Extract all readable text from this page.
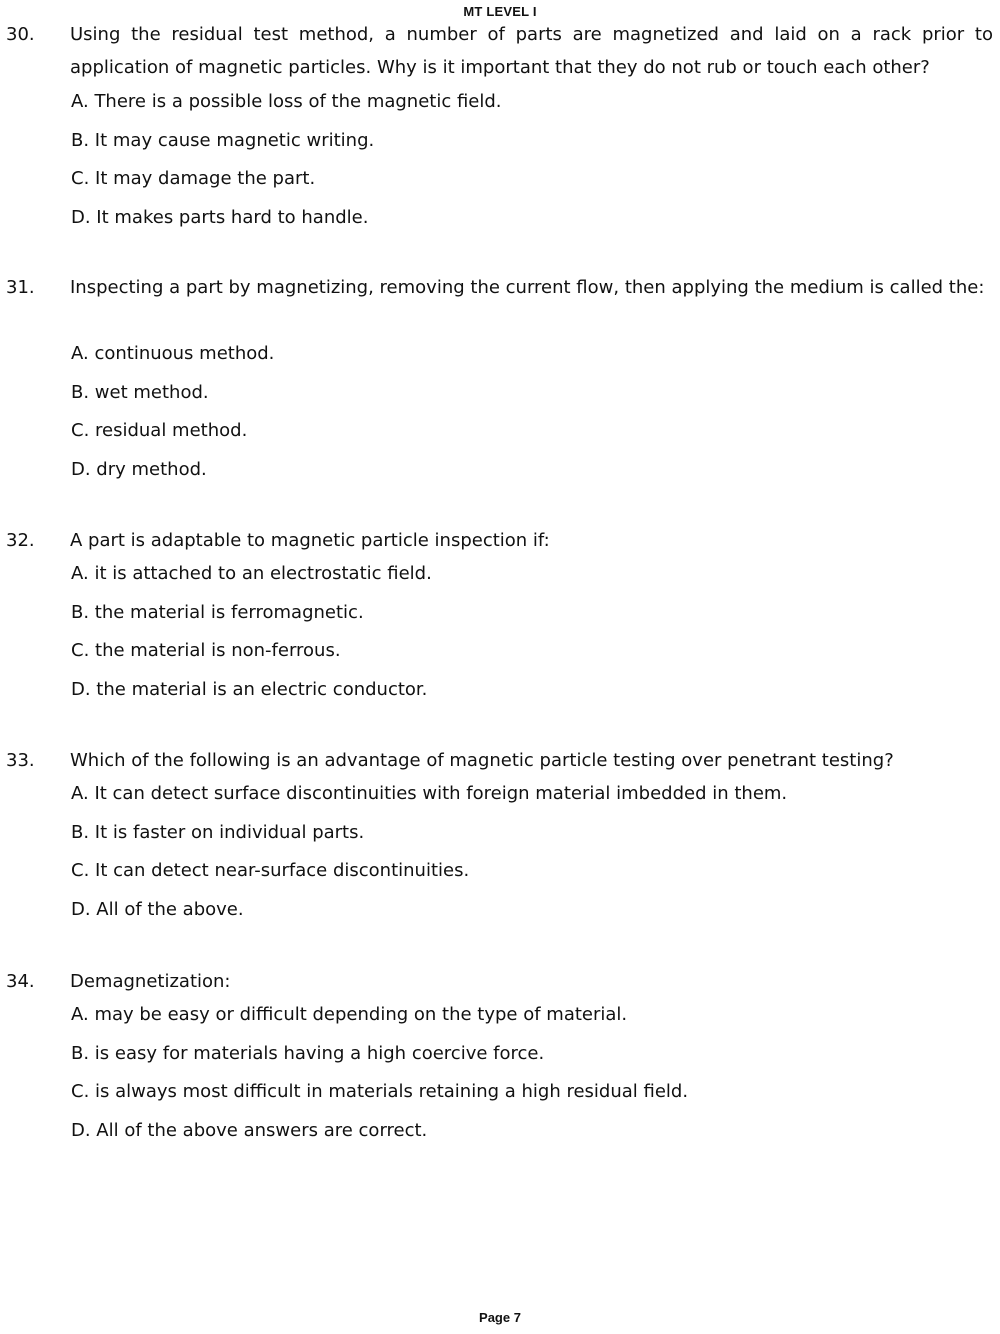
MT LEVEL I
30. Using the residual test method, a number of parts are magnetized and laid on a rack prior to application of magnetic particles. Why is it important that they do not rub or touch each other?
A. There is a possible loss of the magnetic field.
B. It may cause magnetic writing.
C. It may damage the part.
D. It makes parts hard to handle.
31. Inspecting a part by magnetizing, removing the current flow, then applying the medium is called the:
A. continuous method.
B. wet method.
C. residual method.
D. dry method.
32. A part is adaptable to magnetic particle inspection if:
A. it is attached to an electrostatic field.
B. the material is ferromagnetic.
C. the material is non-ferrous.
D. the material is an electric conductor.
33. Which of the following is an advantage of magnetic particle testing over penetrant testing?
A. It can detect surface discontinuities with foreign material imbedded in them.
B. It is faster on individual parts.
C. It can detect near-surface discontinuities.
D. All of the above.
34. Demagnetization:
A. may be easy or difficult depending on the type of material.
B. is easy for materials having a high coercive force.
C. is always most difficult in materials retaining a high residual field.
D. All of the above answers are correct.
Page 7
